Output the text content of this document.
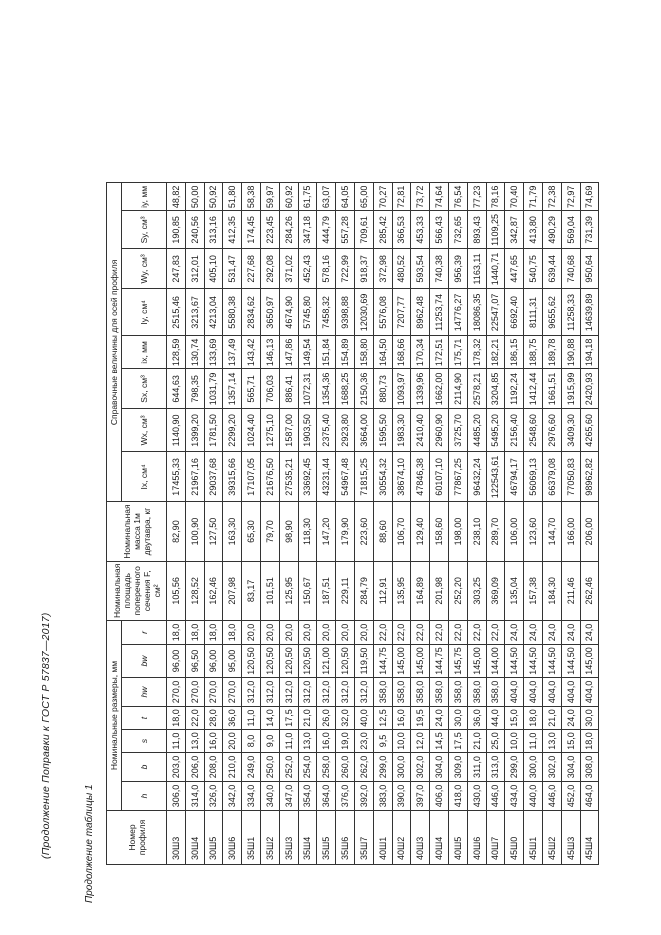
(Продолжение Поправки к ГОСТ Р 57837—2017)	Продолжение таблицы 1	Номер профиля	Номинальные размеры, мм							Номинальная площадь поперечного сечения F, см²	Номинальная масса 1м двутавра, кг	Справочные величины для осей профиля							
	h	b	s	t	hw	bw	r			Ix, см⁴	Wx, см³	Sx, см³	ix, мм	Iy, см⁴	Wy, см³	Sy, см³	iy, мм
30Ш3	306,0	203,0	11,0	18,0	270,0	96,00	18,0	105,56	82,90	17455,33	1140,90	644,63	128,59	2515,46	247,83	190,85	48,82
30Ш4	314,0	206,0	13,0	22,0	270,0	96,50	18,0	128,52	100,90	21967,16	1399,20	798,35	130,74	3213,67	312,01	240,56	50,00
30Ш5	326,0	208,0	16,0	28,0	270,0	96,00	18,0	162,46	127,50	29037,68	1781,50	1031,79	133,69	4213,04	405,10	313,16	50,92
30Ш6	342,0	210,0	20,0	36,0	270,0	95,00	18,0	207,98	163,30	39315,66	2299,20	1357,14	137,49	5580,38	531,47	412,35	51,80
35Ш1	334,0	249,0	8,0	11,0	312,0	120,50	20,0	83,17	65,30	17107,05	1024,40	565,71	143,42	2834,62	227,68	174,45	58,38
35Ш2	340,0	250,0	9,0	14,0	312,0	120,50	20,0	101,51	79,70	21676,50	1275,10	706,03	146,13	3650,97	292,08	223,45	59,97
35Ш3	347,0	252,0	11,0	17,5	312,0	120,50	20,0	125,95	98,90	27535,21	1587,00	886,41	147,86	4674,90	371,02	284,26	60,92
35Ш4	354,0	254,0	13,0	21,0	312,0	120,50	20,0	150,67	118,30	33692,45	1903,50	1072,31	149,54	5745,80	452,43	347,18	61,75
35Ш5	364,0	258,0	16,0	26,0	312,0	121,00	20,0	187,51	147,20	43231,44	2375,40	1354,36	151,84	7458,32	578,16	444,79	63,07
35Ш6	376,0	260,0	19,0	32,0	312,0	120,50	20,0	229,11	179,90	54967,48	2923,80	1688,25	154,89	9398,88	722,99	557,28	64,05
35Ш7	392,0	262,0	23,0	40,0	312,0	119,50	20,0	284,79	223,60	71815,25	3664,00	2150,36	158,80	12030,69	918,37	709,61	65,00
40Ш1	383,0	299,0	9,5	12,5	358,0	144,75	22,0	112,91	88,60	30554,32	1595,50	880,73	164,50	5576,08	372,98	285,42	70,27
40Ш2	390,0	300,0	10,0	16,0	358,0	145,00	22,0	135,95	106,70	38674,10	1983,30	1093,97	168,66	7207,77	480,52	366,53	72,81
40Ш3	397,0	302,0	12,0	19,5	358,0	145,00	22,0	164,89	129,40	47846,38	2410,40	1339,96	170,34	8962,48	593,54	453,33	73,72
40Ш4	406,0	304,0	14,5	24,0	358,0	144,75	22,0	201,98	158,60	60107,10	2960,90	1662,00	172,51	11253,74	740,38	566,43	74,64
40Ш5	418,0	309,0	17,5	30,0	358,0	145,75	22,0	252,20	198,00	77867,25	3725,70	2114,90	175,71	14776,27	956,39	732,65	76,54
40Ш6	430,0	311,0	21,0	36,0	358,0	145,00	22,0	303,25	238,10	96432,24	4485,20	2578,21	178,32	18086,35	1163,11	893,43	77,23
40Ш7	446,0	313,0	25,0	44,0	358,0	144,00	22,0	369,09	289,70	122543,61	5495,20	3204,85	182,21	22547,07	1440,71	1109,25	78,16
45Ш0	434,0	299,0	10,0	15,0	404,0	144,50	24,0	135,04	106,00	46794,17	2156,40	1192,24	186,15	6692,40	447,65	342,87	70,40
45Ш1	440,0	300,0	11,0	18,0	404,0	144,50	24,0	157,38	123,60	56069,13	2548,60	1412,44	188,75	8111,31	540,75	413,80	71,79
45Ш2	446,0	302,0	13,0	21,0	404,0	144,50	24,0	184,30	144,70	66379,08	2976,60	1661,51	189,78	9655,62	639,44	490,29	72,38
45Ш3	452,0	304,0	15,0	24,0	404,0	144,50	24,0	211,46	166,00	77050,83	3409,30	1915,99	190,88	11258,33	740,68	569,04	72,97
45Ш4	464,0	308,0	18,0	30,0	404,0	145,00	24,0	262,46	206,00	98962,82	4265,60	2420,93	194,18	14639,89	950,64	731,39	74,69
